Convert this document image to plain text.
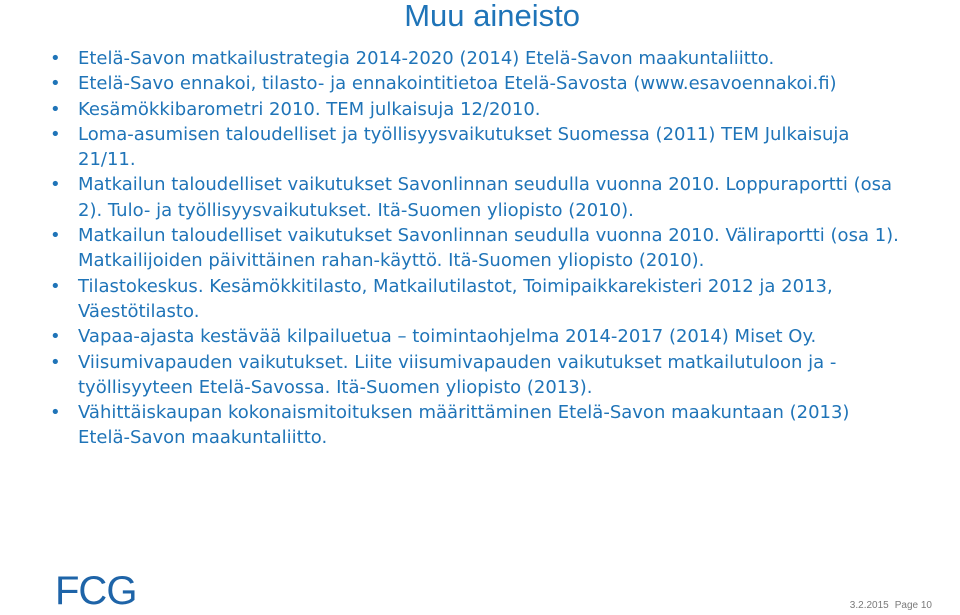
Muu aineisto
• Etelä-Savon matkailustrategia 2014-2020 (2014) Etelä-Savon maakuntaliitto.
• Etelä-Savo ennakoi, tilasto- ja ennakointitietoa Etelä-Savosta (www.esavoennakoi.fi)
• Kesämökkibarometri 2010. TEM julkaisuja 12/2010.
• Loma-asumisen taloudelliset ja työllisyysvaikutukset Suomessa (2011) TEM Julkaisuja 21/11.
• Matkailun taloudelliset vaikutukset Savonlinnan seudulla vuonna 2010. Loppuraportti (osa 2). Tulo- ja työllisyysvaikutukset. Itä-Suomen yliopisto (2010).
• Matkailun taloudelliset vaikutukset Savonlinnan seudulla vuonna 2010. Väliraportti (osa 1). Matkailijoiden päivittäinen rahan-käyttö. Itä-Suomen yliopisto (2010).
• Tilastokeskus. Kesämökkitilasto, Matkailutilastot, Toimipaikkarekisteri 2012 ja 2013, Väestötilasto.
• Vapaa-ajasta kestävää kilpailuetua – toimintaohjelma 2014-2017 (2014) Miset Oy.
• Viisumivapauden vaikutukset. Liite viisumivapauden vaikutukset matkailutuloon ja -työllisyyteen Etelä-Savossa. Itä-Suomen yliopisto (2013).
• Vähittäiskaupan kokonaismitoituksen määrittäminen Etelä-Savon maakuntaan (2013) Etelä-Savon maakuntaliitto.
FCG	3.2.2015 Page 10
